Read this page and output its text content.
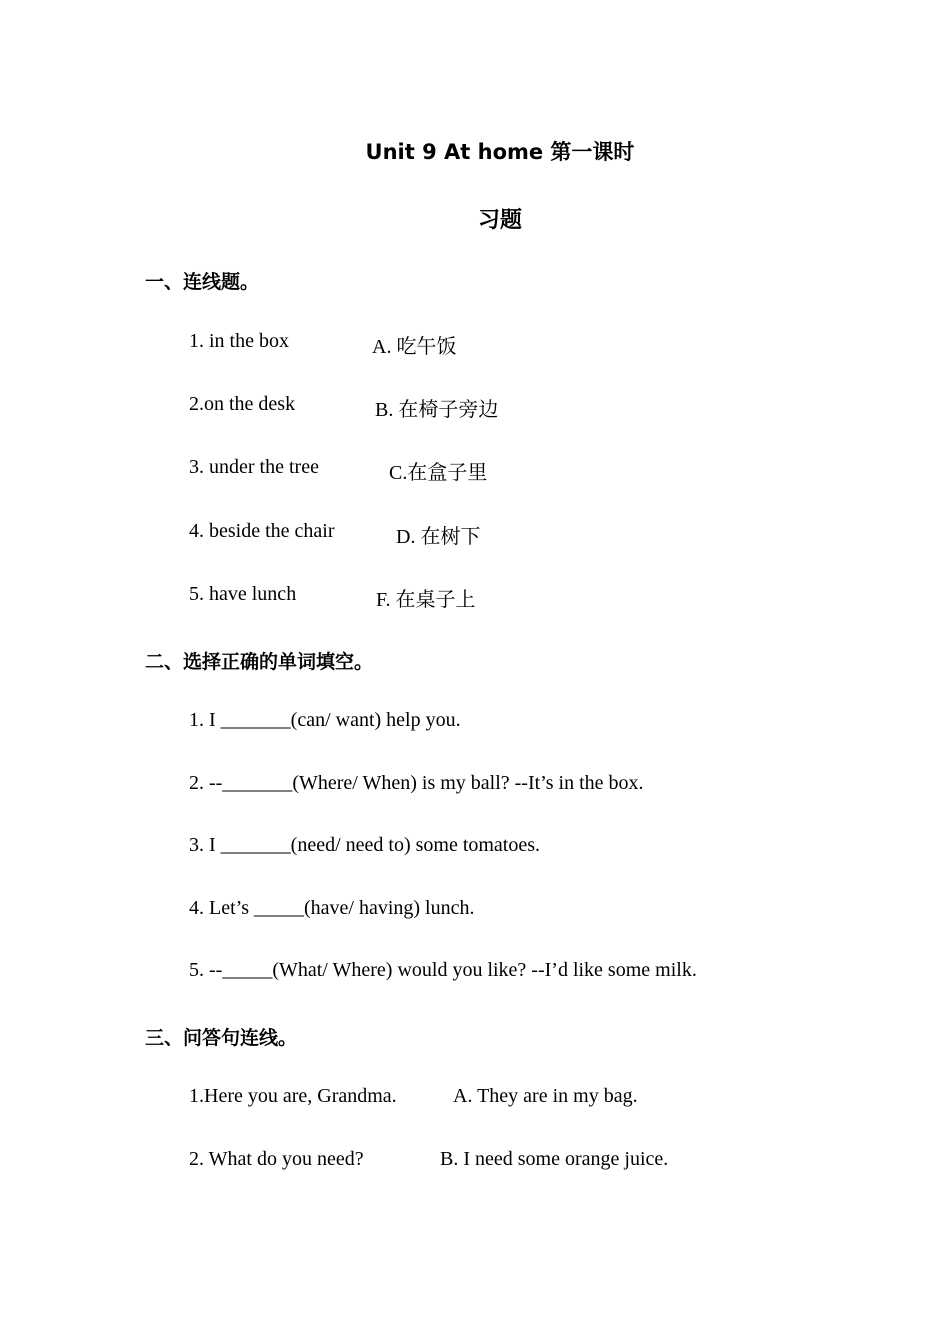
Unit 9 At home 第一课时
习题
一、连线题。
1. in the box	A. 吃午饭
2.on the desk	B. 在椅子旁边
3. under the tree	C.在盒子里
4. beside the chair	D. 在树下
5. have lunch	F. 在桌子上
二、选择正确的单词填空。
1. I _______(can/ want) help you.
2. --_______(Where/ When) is my ball? --It’s in the box.
3. I _______(need/ need to) some tomatoes.
4. Let’s _____(have/ having) lunch.
5. --_____(What/ Where) would you like? --I’d like some milk.
三、问答句连线。
1.Here you are, Grandma.	A. They are in my bag.
2. What do you need?	B. I need some orange juice.
